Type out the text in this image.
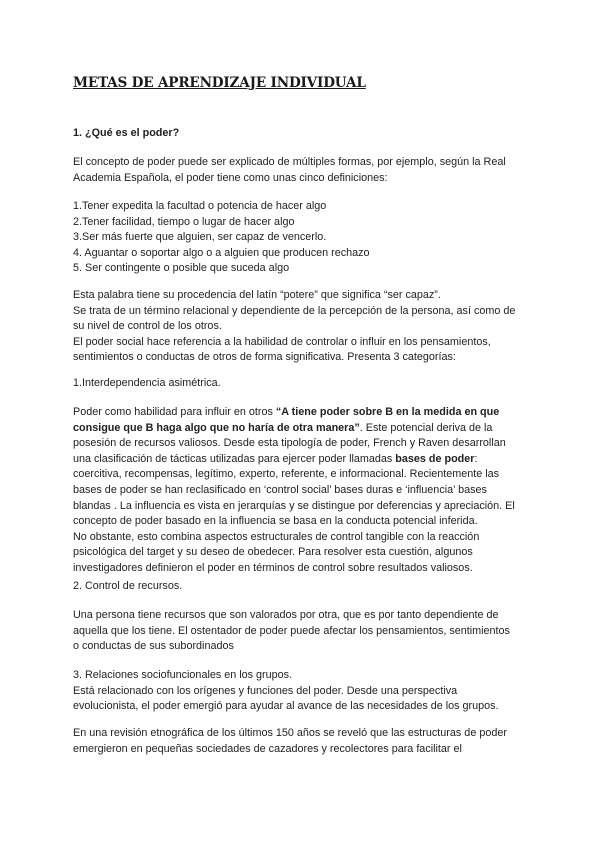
METAS DE APRENDIZAJE INDIVIDUAL
1. ¿Qué es el poder?
El concepto de poder puede ser explicado de múltiples formas, por ejemplo, según la Real
Academia Española, el poder tiene como unas cinco definiciones:
1.Tener expedita la facultad o potencia de hacer algo
2.Tener facilidad, tiempo o lugar de hacer algo
3.Ser más fuerte que alguien, ser capaz de vencerlo.
4. Aguantar o soportar algo o a alguien que producen rechazo
5. Ser contingente o posible que suceda algo
Esta palabra tiene su procedencia del latín “potere” que significa “ser capaz”.
Se trata de un término relacional y dependiente de la percepción de la persona, así como de
su nivel de control de los otros.
El poder social hace referencia a la habilidad de controlar o influir en los pensamientos,
sentimientos o conductas de otros de forma significativa. Presenta 3 categorías:
1.Interdependencia asimétrica.
Poder como habilidad para influir en otros “A tiene poder sobre B en la medida en que
consigue que B haga algo que no haría de otra manera”. Este potencial deriva de la
posesión de recursos valiosos. Desde esta tipología de poder, French y Raven desarrollan
una clasificación de tácticas utilizadas para ejercer poder llamadas bases de poder:
coercitiva, recompensas, legítimo, experto, referente, e informacional. Recientemente las
bases de poder se han reclasificado en ‘control social’ bases duras e ‘influencia’ bases
blandas . La influencia es vista en jerarquías y se distingue por deferencias y apreciación. El
concepto de poder basado en la influencia se basa en la conducta potencial inferida.
No obstante, esto combina aspectos estructurales de control tangible con la reacción
psicológica del target y su deseo de obedecer. Para resolver esta cuestión, algunos
investigadores definieron el poder en términos de control sobre resultados valiosos.
2. Control de recursos.
Una persona tiene recursos que son valorados por otra, que es por tanto dependiente de
aquella que los tiene. El ostentador de poder puede afectar los pensamientos, sentimientos
o conductas de sus subordinados
3. Relaciones sociofuncionales en los grupos.
Está relacionado con los orígenes y funciones del poder. Desde una perspectiva
evolucionista, el poder emergió para ayudar al avance de las necesidades de los grupos.
En una revisión etnográfica de los últimos 150 años se reveló que las estructuras de poder
emergieron en pequeñas sociedades de cazadores y recolectores para facilitar el
